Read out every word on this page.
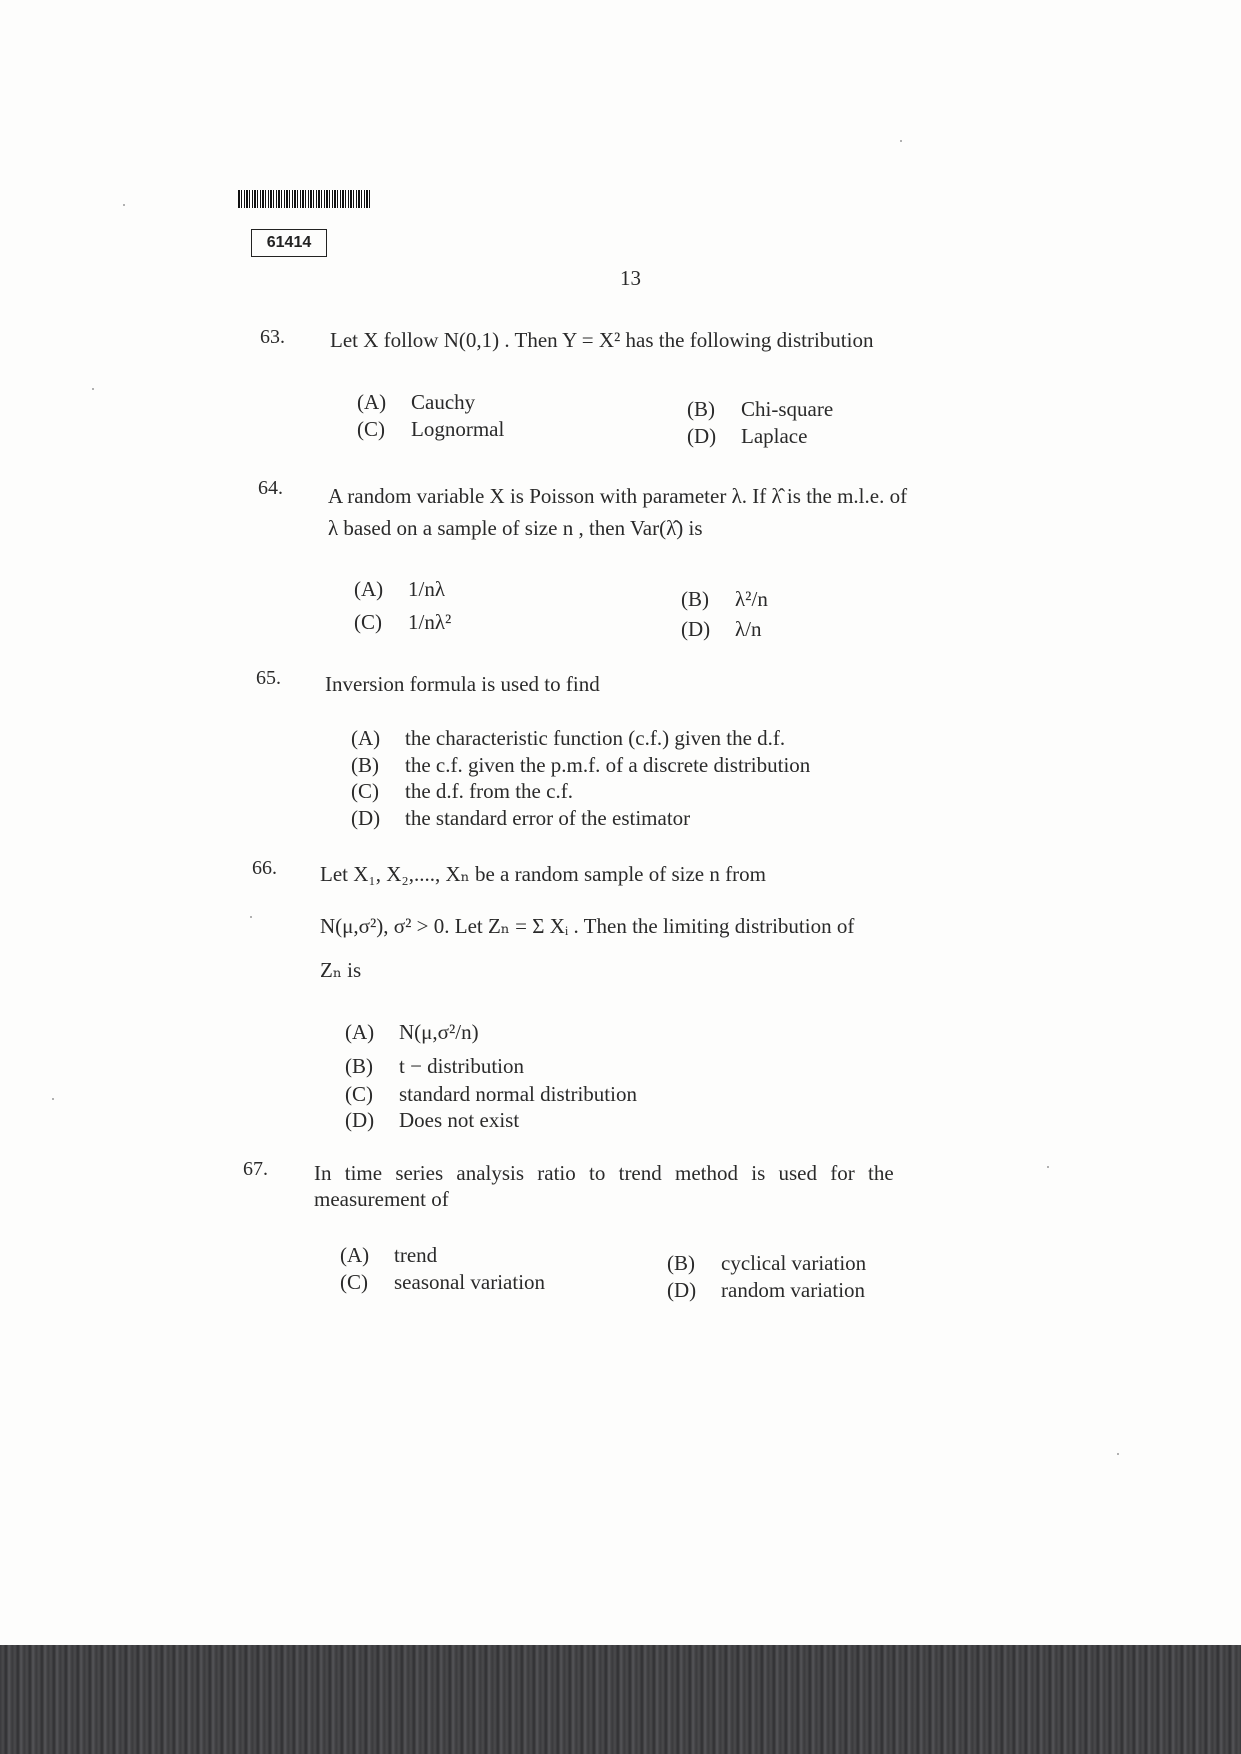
61414
13
63. Let X follow N(0,1) . Then Y = X² has the following distribution
(A) Cauchy	(B) Chi-square
(C) Lognormal	(D) Laplace
64. A random variable X is Poisson with parameter λ. If λ̂ is the m.l.e. of
λ based on a sample of size n , then Var(λ̂) is
(A) 1/nλ	(B) λ²/n
(C) 1/nλ²	(D) λ/n
65. Inversion formula is used to find
(A) the characteristic function (c.f.) given the d.f.
(B) the c.f. given the p.m.f. of a discrete distribution
(C) the d.f. from the c.f.
(D) the standard error of the estimator
66. Let X₁, X₂,...., Xₙ be a random sample of size n from
N(μ,σ²), σ² > 0. Let Zₙ = Σ Xᵢ . Then the limiting distribution of
Zₙ is
(A) N(μ,σ²/n)
(B) t − distribution
(C) standard normal distribution
(D) Does not exist
67. In time series analysis ratio to trend method is used for the
measurement of
(A) trend	(B) cyclical variation
(C) seasonal variation	(D) random variation
